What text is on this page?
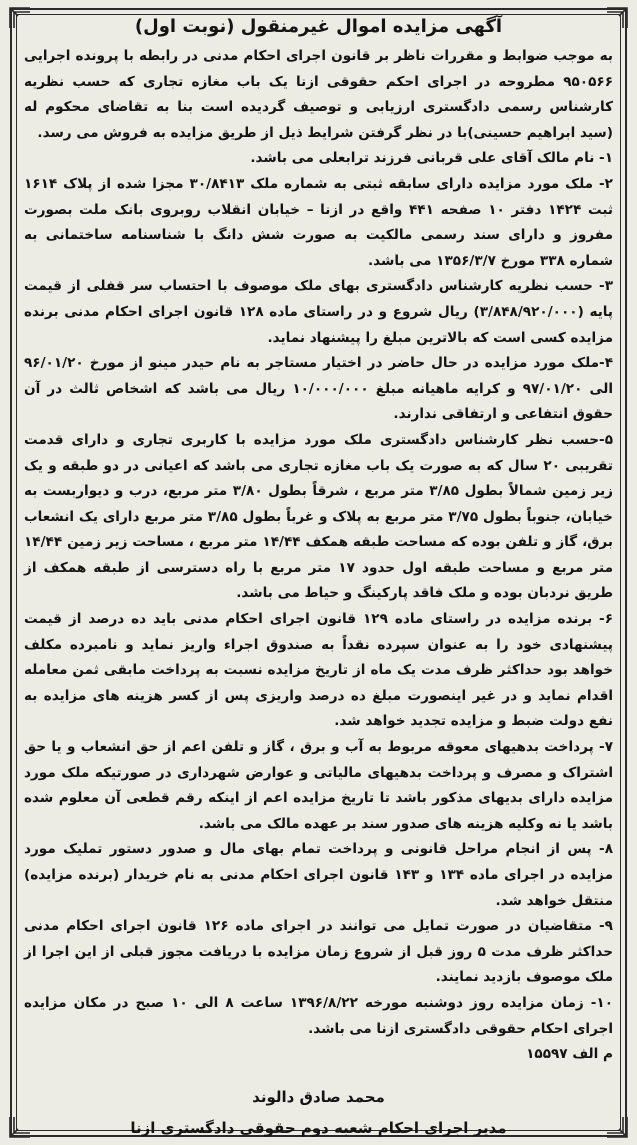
آگهی مزایده اموال غیرمنقول (نوبت اول)

به موجب ضوابط و مقررات ناظر بر قانون اجرای احکام مدنی در رابطه با پرونده اجرایی ۹۵۰۵۶۶ مطروحه در اجرای احکم حقوقی ازنا یک باب مغازه تجاری که حسب نظریه کارشناس رسمی دادگستری ارزیابی و توصیف گردیده است بنا به تقاضای محکوم له (سید ابراهیم حسینی)با در نظر گرفتن شرایط ذیل از طریق مزایده به فروش می رسد.

۱- نام مالک آقای علی قربانی فرزند ترابعلی می باشد.

۲- ملک مورد مزایده دارای سابقه ثبتی به شماره ملک ۳۰/۸۴۱۳ مجزا شده از پلاک ۱۶۱۴ ثبت ۱۴۲۴ دفتر ۱۰ صفحه ۴۴۱ واقع در ازنا – خیابان انقلاب روبروی بانک ملت بصورت مفروز و دارای سند رسمی مالکیت به صورت شش دانگ با شناسنامه ساختمانی به شماره ۳۳۸ مورخ ۱۳۵۶/۳/۷ می باشد.

۳- حسب نظریه کارشناس دادگستری بهای ملک موصوف با احتساب سر قفلی از قیمت پایه (۳/۸۴۸/۹۲۰/۰۰۰) ریال شروع و در راستای ماده ۱۲۸ قانون اجرای احکام مدنی برنده مزایده کسی است که بالاترین مبلغ را پیشنهاد نماید.

۴-ملک مورد مزایده در حال حاضر در اختیار مستاجر به نام حیدر مینو از مورخ ۹۶/۰۱/۲۰ الی ۹۷/۰۱/۲۰ و کرایه ماهیانه مبلغ ۱۰/۰۰۰/۰۰۰ ریال می باشد که اشخاص ثالث در آن حقوق انتفاعی و ارتفاقی ندارند.

۵-حسب نظر کارشناس دادگستری ملک مورد مزایده با کاربری تجاری و دارای قدمت تقریبی ۲۰ سال که به صورت یک باب مغازه تجاری می باشد که اعیانی در دو طبقه و یک زیر زمین شمالاً بطول ۳/۸۵ متر مربع ، شرقاً بطول ۳/۸۰ متر مربع، درب و دیواربست به خیابان، جنوباً بطول ۳/۷۵ متر مربع به پلاک و غرباً بطول ۳/۸۵ متر مربع دارای یک انشعاب برق، گاز و تلفن بوده که مساحت طبقه همکف ۱۴/۴۴ متر مربع ، مساحت زیر زمین ۱۴/۴۴ متر مربع و مساحت طبقه اول حدود ۱۷ متر مربع با راه دسترسی از طبقه همکف از طریق نردبان بوده و ملک فاقد پارکینگ و حیاط می باشد.

۶- برنده مزایده در راستای ماده ۱۲۹ قانون اجرای احکام مدنی باید ده درصد از قیمت پیشنهادی خود را به عنوان سپرده نقداً به صندوق اجراء واریز نماید و نامبرده مکلف خواهد بود حداکثر ظرف مدت یک ماه از تاریخ مزایده نسبت به پرداخت مابقی ثمن معامله اقدام نماید و در غیر اینصورت مبلغ ده درصد واریزی پس از کسر هزینه های مزایده به نفع دولت ضبط و مزایده تجدید خواهد شد.

۷- پرداخت بدهیهای معوقه مربوط به آب و برق ، گاز و تلفن اعم از حق انشعاب و یا حق اشتراک و مصرف و پرداخت بدهیهای مالیاتی و عوارض شهرداری در صورتیکه ملک مورد مزایده دارای بدیهای مذکور باشد تا تاریخ مزایده اعم از اینکه رقم قطعی آن معلوم شده باشد یا نه وکلیه هزینه های صدور سند بر عهده مالک می باشد.

۸- پس از انجام مراحل قانونی و پرداخت تمام بهای مال و صدور دستور تملیک مورد مزایده در اجرای ماده ۱۳۴ و ۱۴۳ قانون اجرای احکام مدنی به نام خریدار (برنده مزایده) منتقل خواهد شد.

۹- متقاضیان در صورت تمایل می توانند در اجرای ماده ۱۲۶ قانون اجرای احکام مدنی حداکثر ظرف مدت ۵ روز قبل از شروع زمان مزایده با دریافت مجوز قبلی از این اجرا از ملک موصوف بازدید نمایند.

۱۰- زمان مزایده روز دوشنبه مورخه ۱۳۹۶/۸/۲۲ ساعت ۸ الی ۱۰ صبح در مکان مزایده اجرای احکام حقوقی دادگستری ازنا می باشد.

م الف ۱۵۵۹۷

محمد صادق دالوند
مدیر اجرای احکام شعبه دوم حقوقی دادگستری ازنا
